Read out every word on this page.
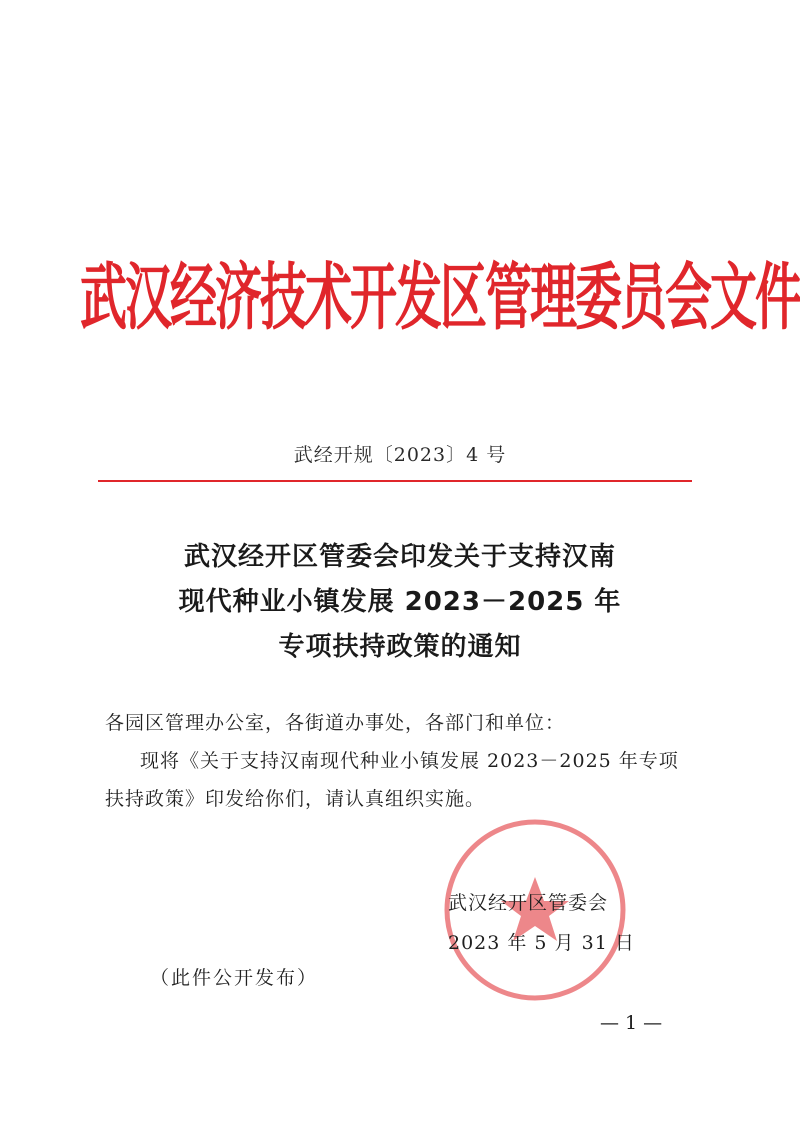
武汉经济技术开发区管理委员会文件
武经开规〔2023〕4 号
武汉经开区管委会印发关于支持汉南
现代种业小镇发展 2023－2025 年
专项扶持政策的通知
各园区管理办公室，各街道办事处，各部门和单位：
现将《关于支持汉南现代种业小镇发展 2023－2025 年专项
扶持政策》印发给你们，请认真组织实施。
武汉经开区管委会
2023 年 5 月 31 日
（此件公开发布）
— 1 —
